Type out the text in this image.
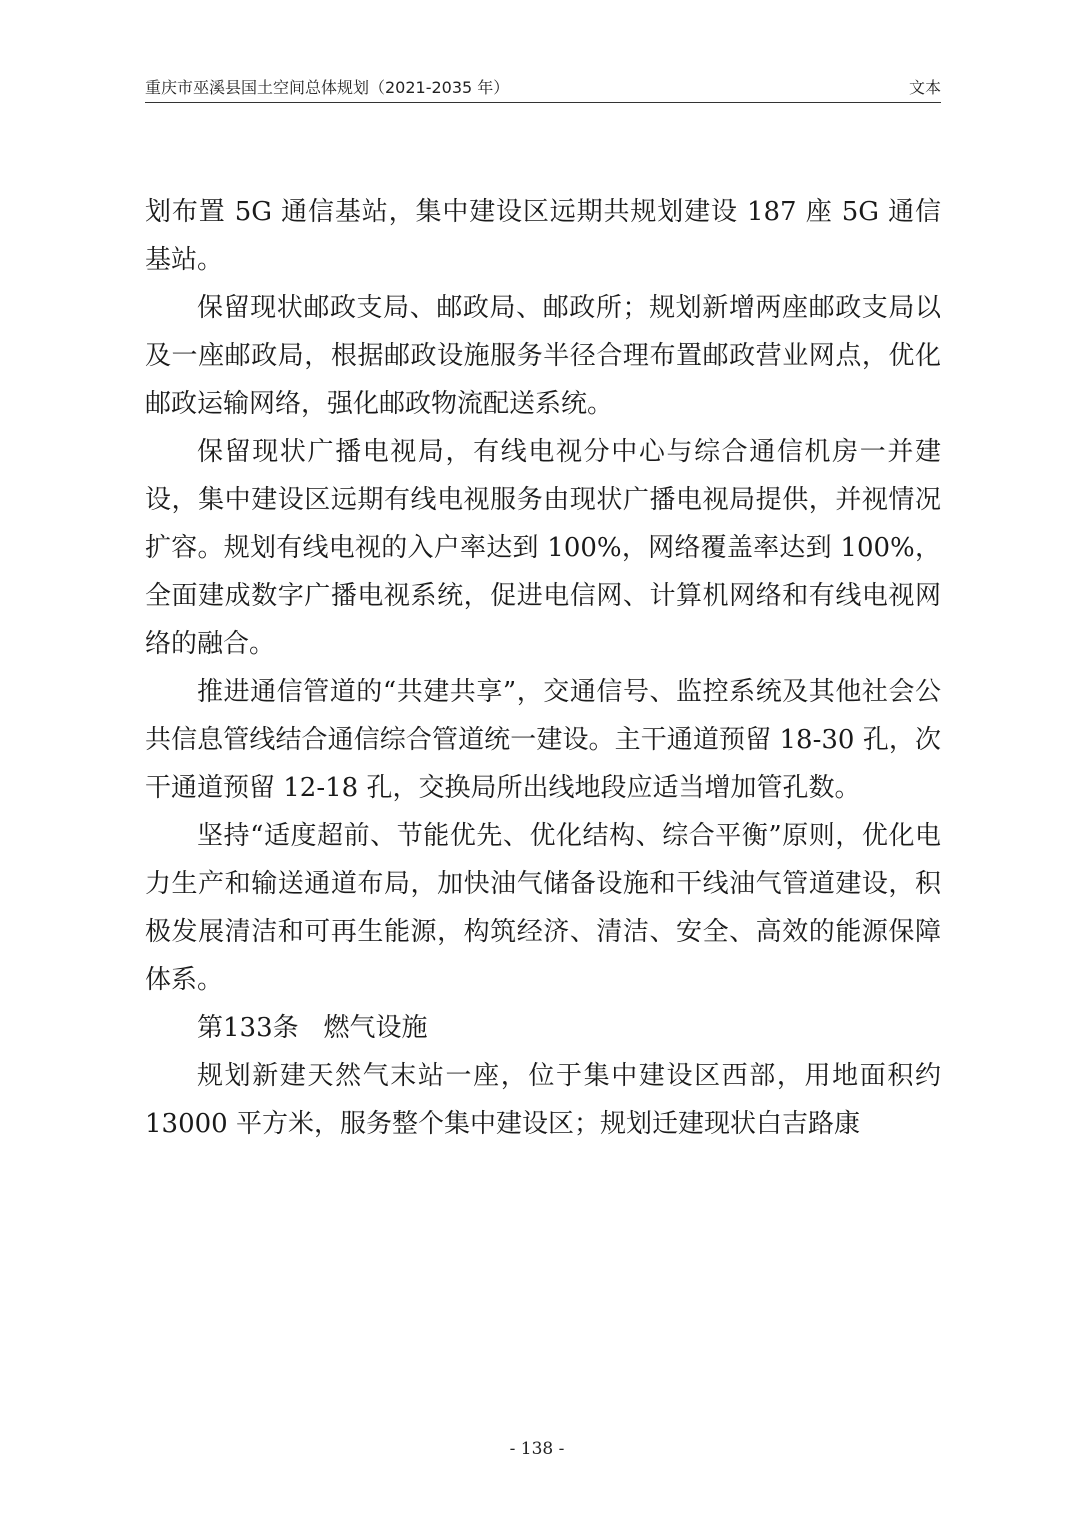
重庆市巫溪县国土空间总体规划（2021-2035 年）	文本

划布置 5G 通信基站，集中建设区远期共规划建设 187 座 5G 通信基站。

保留现状邮政支局、邮政局、邮政所；规划新增两座邮政支局以及一座邮政局，根据邮政设施服务半径合理布置邮政营业网点，优化邮政运输网络，强化邮政物流配送系统。

保留现状广播电视局，有线电视分中心与综合通信机房一并建设，集中建设区远期有线电视服务由现状广播电视局提供，并视情况扩容。规划有线电视的入户率达到 100%，网络覆盖率达到 100%，全面建成数字广播电视系统，促进电信网、计算机网络和有线电视网络的融合。

推进通信管道的“共建共享”，交通信号、监控系统及其他社会公共信息管线结合通信综合管道统一建设。主干通道预留 18-30 孔，次干通道预留 12-18 孔，交换局所出线地段应适当增加管孔数。

坚持“适度超前、节能优先、优化结构、综合平衡”原则，优化电力生产和输送通道布局，加快油气储备设施和干线油气管道建设，积极发展清洁和可再生能源，构筑经济、清洁、安全、高效的能源保障体系。

第133条 燃气设施

规划新建天然气末站一座，位于集中建设区西部，用地面积约 13000 平方米，服务整个集中建设区；规划迁建现状白吉路康

- 138 -
